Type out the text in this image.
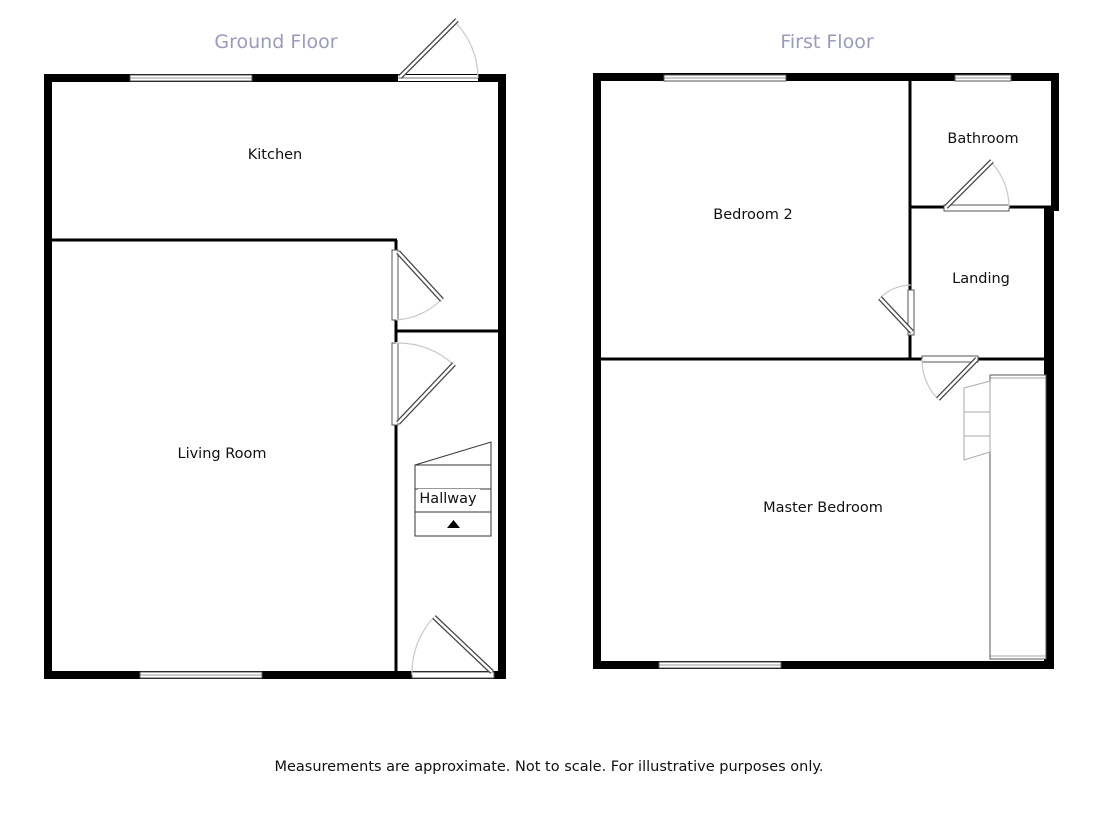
Ground Floor
Kitchen
Living Room
Hallway
First Floor
Bedroom 2
Bathroom
Landing
Master Bedroom
Measurements are approximate. Not to scale. For illustrative purposes only.
